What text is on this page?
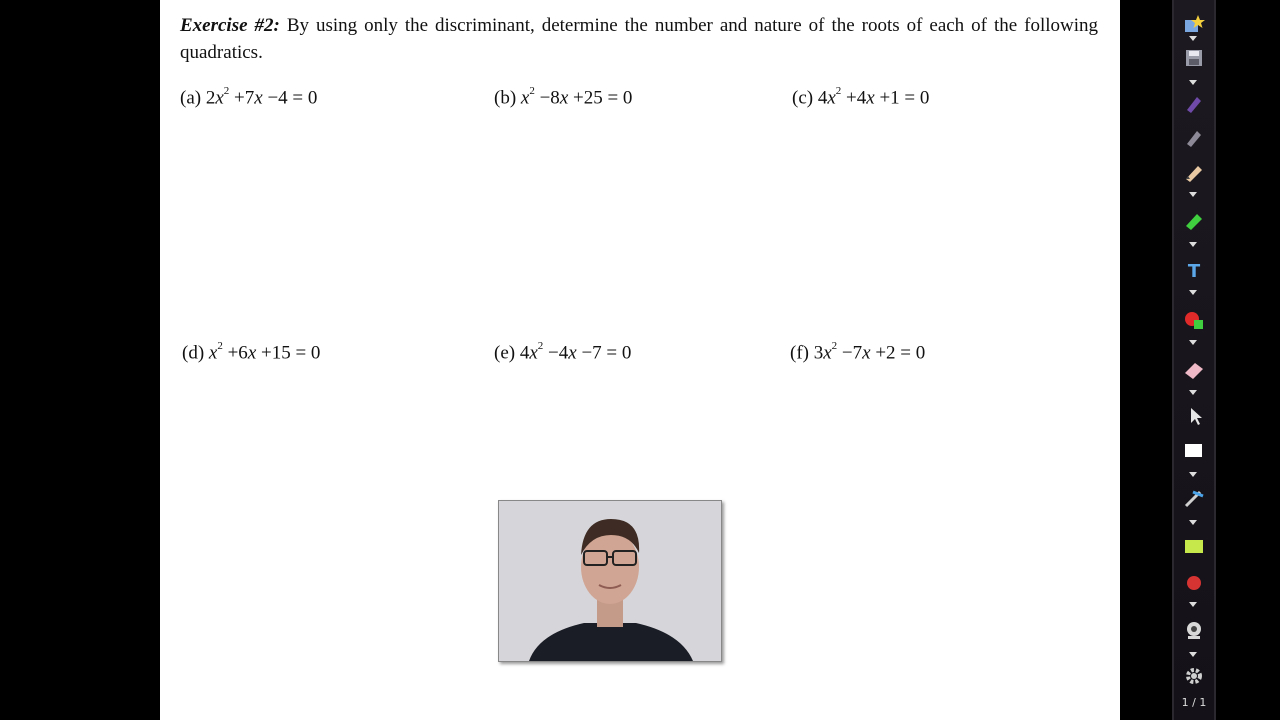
Exercise #2: By using only the discriminant, determine the number and nature of the roots of each of the following quadratics.
(a) $2x^2 +7x -4 = 0$	(b) $x^2 -8x +25 = 0$	(c) $4x^2 +4x +1 = 0$
(d) $x^2 +6x +15 = 0$	(e) $4x^2 -4x -7 = 0$	(f) $3x^2 -7x +2 = 0$
T
1 / 1
